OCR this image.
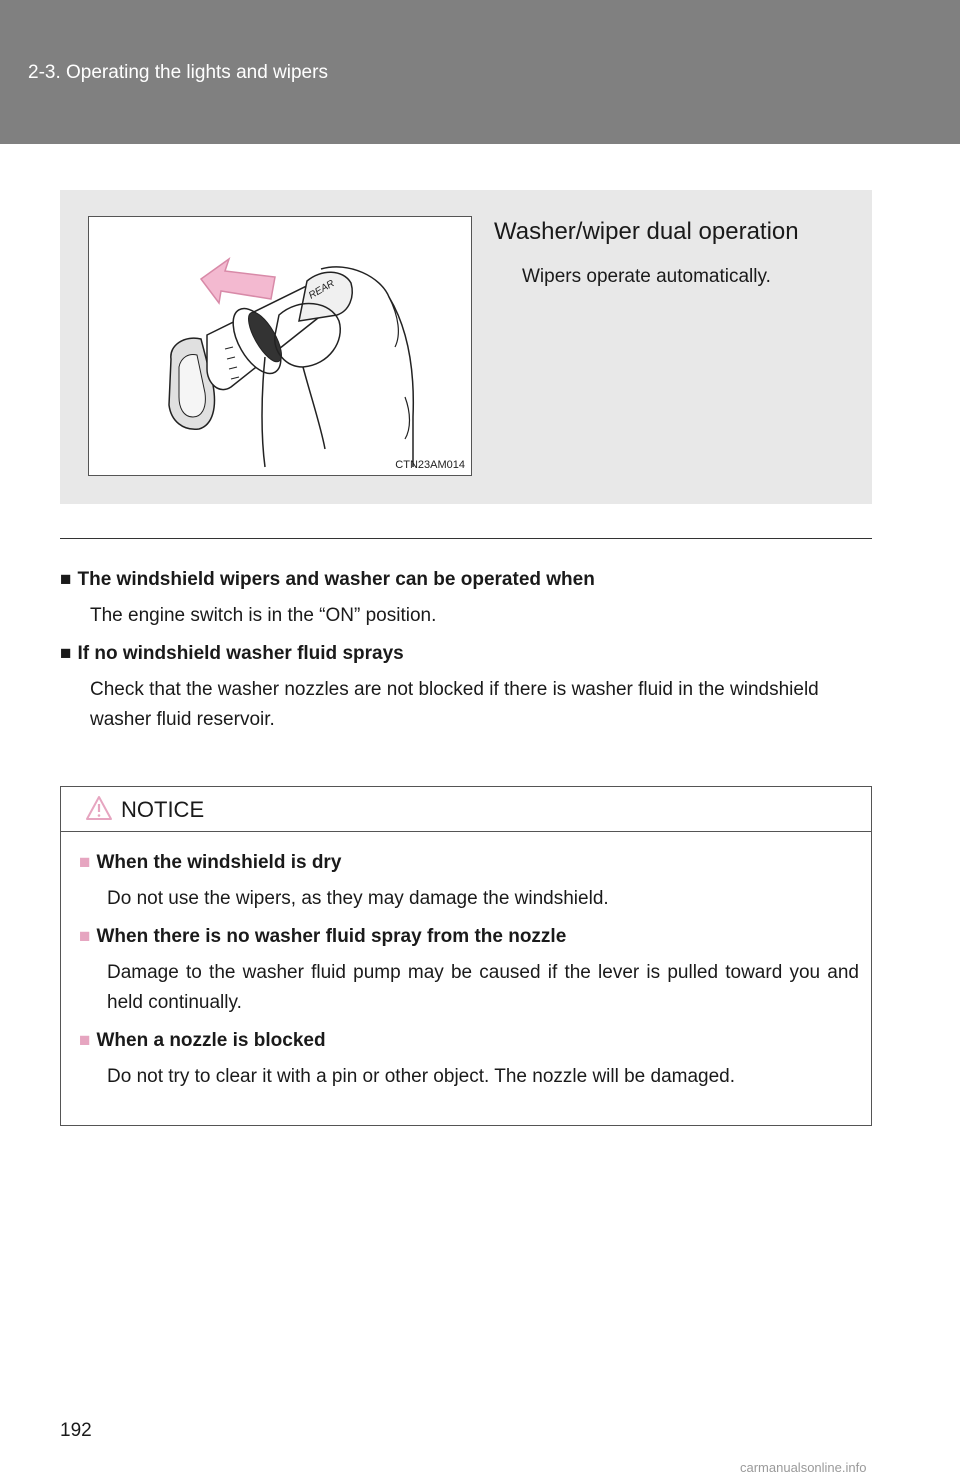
2-3. Operating the lights and wipers
REAR
CTN23AM014
Washer/wiper dual operation
Wipers operate automatically.

■ The windshield wipers and washer can be operated when

The engine switch is in the “ON” position.

■ If no windshield washer fluid sprays

Check that the washer nozzles are not blocked if there is washer fluid in the windshield washer fluid reservoir.

NOTICE

■ When the windshield is dry

Do not use the wipers, as they may damage the windshield.

■ When there is no washer fluid spray from the nozzle

Damage to the washer fluid pump may be caused if the lever is pulled toward you and held continually.

■ When a nozzle is blocked

Do not try to clear it with a pin or other object. The nozzle will be damaged.

192
carmanualsonline.info
